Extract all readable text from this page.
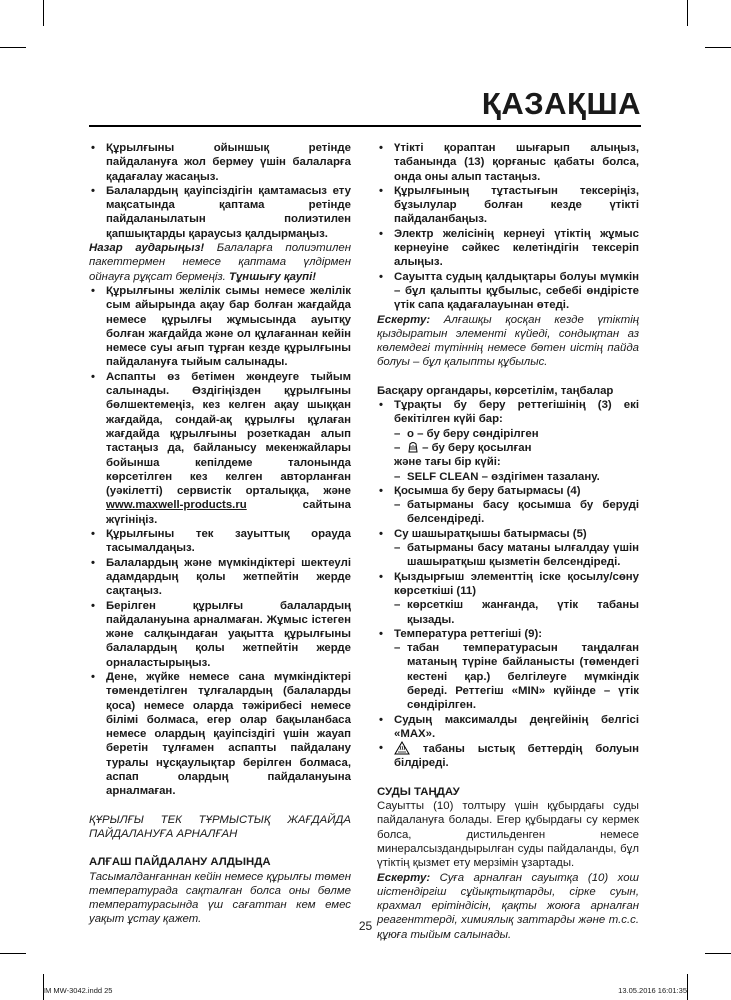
ҚАЗАҚША
• Құрылғыны ойыншық ретінде пайдалануға жол бермеу үшін балаларға қадағалау жасаңыз.
• Балалардың қауіпсіздігін қамтамасыз ету мақсатында қаптама ретінде пайдаланылатын полиэтилен қапшықтарды қараусыз қалдырмаңыз.

Назар аударыңыз! Балаларға полиэтилен пакеттермен немесе қаптама үлдірмен ойнауға рұқсат бермеңіз. Тұншығу қаупі!

• Құрылғыны желілік сымы немесе желілік сым айырында ақау бар болған жағдайда немесе құрылғы жұмысында ауытқу болған жағдайда және ол құлағаннан кейін немесе суы ағып тұрған кезде құрылғыны пайдалануға тыйым салынады.
• Аспапты өз бетімен жөндеуге тыйым салынады. Өздігіңізден құрылғыны бөлшектемеңіз, кез келген ақау шыққан жағдайда, сондай-ақ құрылғы құлаған жағдайда құрылғыны розеткадан алып тастаңыз да, байланысу мекенжайлары бойынша кепілдеме талонында көрсетілген кез келген авторланған (уәкілетті) сервистік орталыққа, және www.maxwell-products.ru сайтына жүгініңіз.
• Құрылғыны тек зауыттық орауда тасымалдаңыз.
• Балалардың және мүмкіндіктері шектеулі адамдардың қолы жетпейтін жерде сақтаңыз.
• Берілген құрылғы балалардың пайдалануына арналмаған. Жұмыс істеген және салқындаған уақытта құрылғыны балалардың қолы жетпейтін жерде орналастырыңыз.
• Дене, жүйке немесе сана мүмкіндіктері төмендетілген тұлғалардың (балаларды қоса) немесе оларда тәжірибесі немесе білімі болмаса, егер олар бақыланбаса немесе олардың қауіпсіздігі үшін жауап беретін тұлғамен аспапты пайдалану туралы нұсқаулықтар берілген болмаса, аспап олардың пайдалануына арналмаған.

ҚҰРЫЛҒЫ ТЕК ТҰРМЫСТЫҚ ЖАҒДАЙДА ПАЙДАЛАНУҒА АРНАЛҒАН

АЛҒАШ ПАЙДАЛАНУ АЛДЫНДА

Тасымалданғаннан кейін немесе құрылғы төмен температурада сақталған болса оны бөлме температурасында үш сағаттан кем емес уақыт ұстау қажет.

• Үтікті қораптан шығарып алыңыз, табанында (13) қорғаныс қабаты болса, онда оны алып тастаңыз.
• Құрылғының тұтастығын тексеріңіз, бұзылулар болған кезде үтікті пайдаланбаңыз.
• Электр желісінің кернеуі үтіктің жұмыс кернеуіне сәйкес келетіндігін тексеріп алыңыз.
• Сауытта судың қалдықтары болуы мүмкін – бұл қалыпты құбылыс, себебі өндірісте үтік сапа қадағалауынан өтеді.

Ескерту: Алғашқы қосқан кезде үтіктің қыздыратын элементі күйеді, сондықтан аз көлемдегі түтіннің немесе бөтен иістің пайда болуы – бұл қалыпты құбылыс.

Басқару органдары, көрсетілім, таңбалар

• Тұрақты бу беру реттегішінің (3) екі бекітілген күйі бар:
– о – бу беру сөндірілген
– – бу беру қосылған
және тағы бір күйі:
– SELF CLEAN – өздігімен тазалану.
• Қосымша бу беру батырмасы (4)
– батырманы басу қосымша бу беруді белсендіреді.
• Су шашыратқышы батырмасы (5)
– батырманы басу матаны ылғалдау үшін шашыратқыш қызметін белсендіреді.
• Қыздырғыш элементтің іске қосылу/сөну көрсеткіші (11)
– көрсеткіш жанғанда, үтік табаны қызады.
• Температура реттегіші (9):
– табан температурасын таңдалған матаның түріне байланысты (төмендегі кестені қар.) белгілеуге мүмкіндік береді. Реттегіш «MIN» күйінде – үтік сөндірілген.
• Судың максималды деңгейінің белгісі «MAX».
• табаны ыстық беттердің болуын білдіреді.

СУДЫ ТАҢДАУ

Сауытты (10) толтыру үшін құбырдағы суды пайдалануға болады. Егер құбырдағы су кермек болса, дистильденген немесе минералсыздандырылған суды пайдаланды, бұл үтіктің қызмет ету мерзімін ұзартады.

Ескерту: Суға арналған сауытқа (10) хош иістендіргіш сұйықтықтарды, сірке суын, крахмал ерітіндісін, қақты жоюға арналған реагенттерді, химиялық заттарды және т.с.с. құюға тыйым салынады.

25
IM MW-3042.indd 25	13.05.2016 16:01:35
